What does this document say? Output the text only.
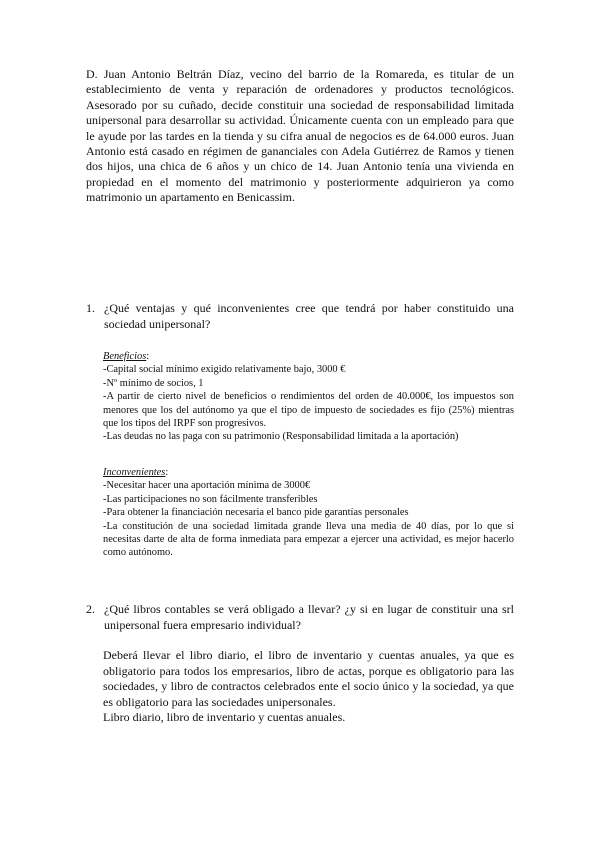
D. Juan Antonio Beltrán Díaz, vecino del barrio de la Romareda, es titular de un establecimiento de venta y reparación de ordenadores y productos tecnológicos. Asesorado por su cuñado, decide constituir una sociedad de responsabilidad limitada unipersonal para desarrollar su actividad. Únicamente cuenta con un empleado para que le ayude por las tardes en la tienda y su cifra anual de negocios es de 64.000 euros. Juan Antonio está casado en régimen de gananciales con Adela Gutiérrez de Ramos y tienen dos hijos, una chica de 6 años y un chico de 14. Juan Antonio tenía una vivienda en propiedad en el momento del matrimonio y posteriormente adquirieron ya como matrimonio un apartamento en Benicassim.

1. ¿Qué ventajas y qué inconvenientes cree que tendrá por haber constituido una sociedad unipersonal?
Beneficios:
-Capital social mínimo exigido relativamente bajo, 3000 €
-Nº mínimo de socios, 1
-A partir de cierto nivel de beneficios o rendimientos del orden de 40.000€, los impuestos son menores que los del autónomo ya que el tipo de impuesto de sociedades es fijo (25%) mientras que los tipos del IRPF son progresivos.
-Las deudas no las paga con su patrimonio (Responsabilidad limitada a la aportación)
Inconvenientes:
-Necesitar hacer una aportación mínima de 3000€
-Las participaciones no son fácilmente transferibles
-Para obtener la financiación necesaria el banco pide garantías personales
-La constitución de una sociedad limitada grande lleva una media de 40 días, por lo que si necesitas darte de alta de forma inmediata para empezar a ejercer una actividad, es mejor hacerlo como autónomo.
2. ¿Qué libros contables se verá obligado a llevar? ¿y si en lugar de constituir una srl unipersonal fuera empresario individual?
Deberá llevar el libro diario, el libro de inventario y cuentas anuales, ya que es obligatorio para todos los empresarios, libro de actas, porque es obligatorio para las sociedades, y libro de contractos celebrados ente el socio único y la sociedad, ya que es obligatorio para las sociedades unipersonales.
Libro diario, libro de inventario y cuentas anuales.
